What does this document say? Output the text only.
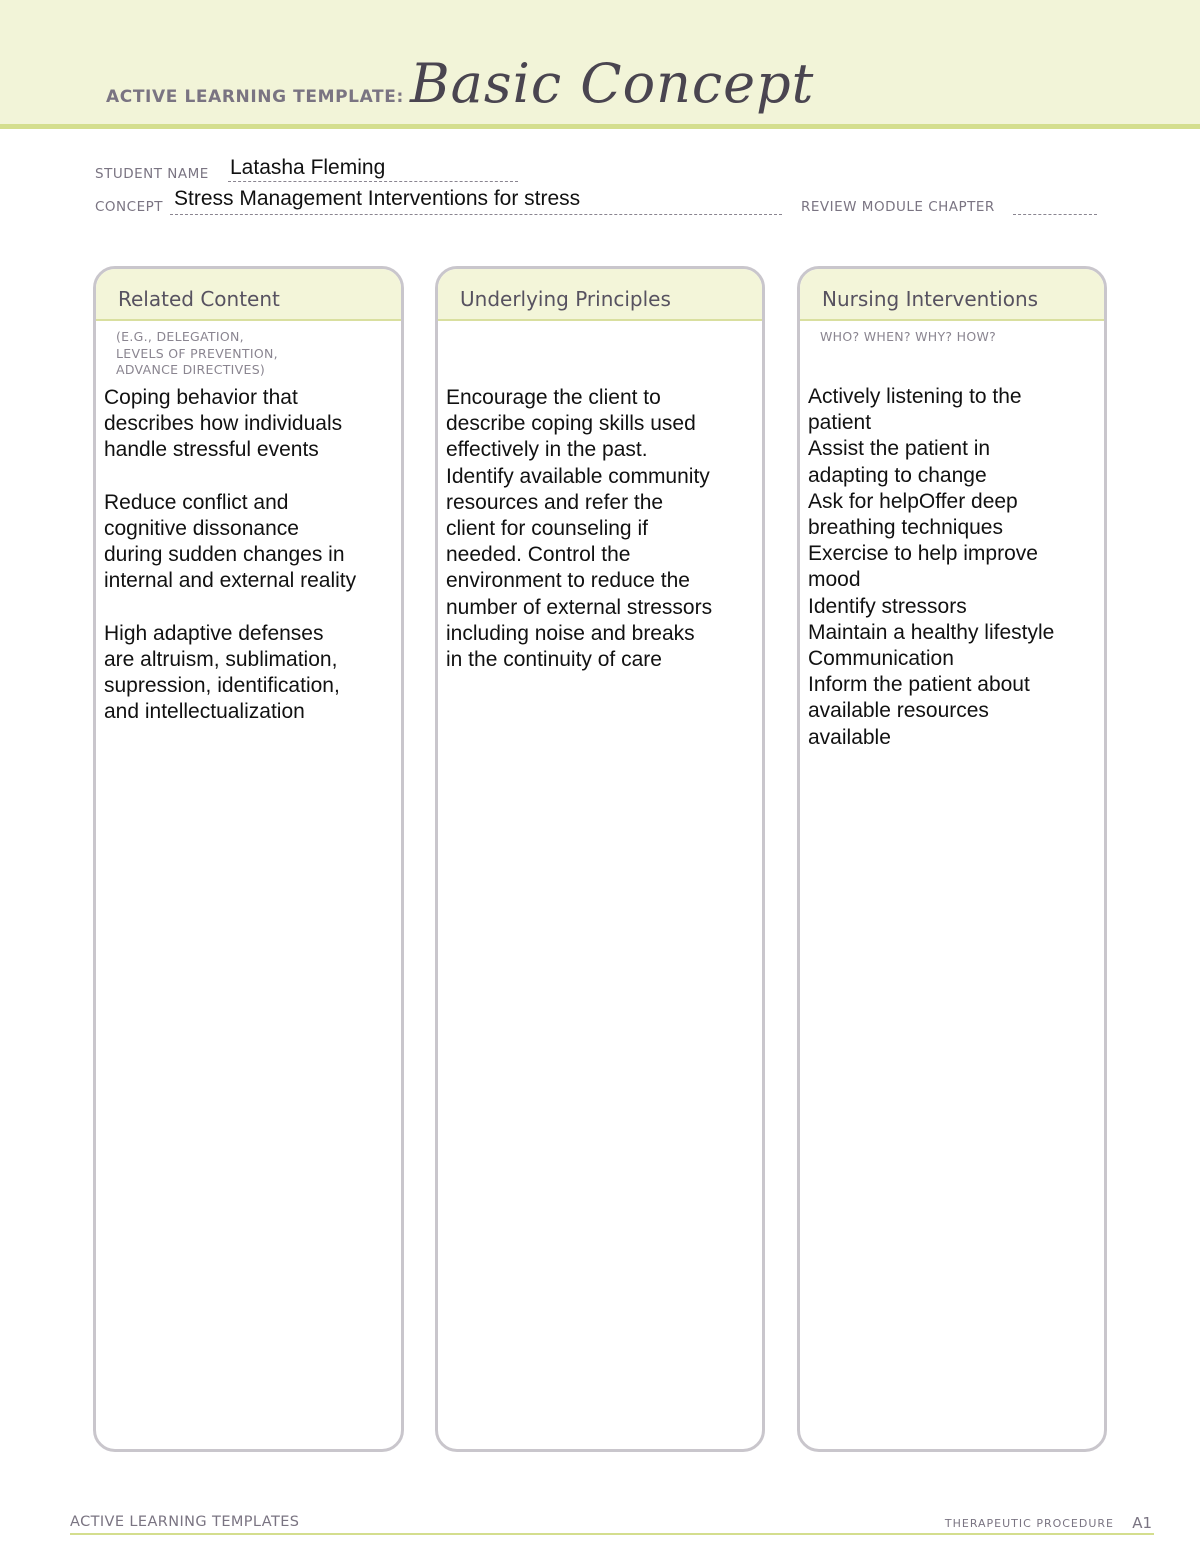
ACTIVE LEARNING TEMPLATE: Basic Concept
STUDENT NAME Latasha Fleming
CONCEPT Stress Management Interventions for stress	REVIEW MODULE CHAPTER
Related Content
(E.G., DELEGATION,
LEVELS OF PREVENTION,
ADVANCE DIRECTIVES)
Coping behavior that
describes how individuals
handle stressful events
Reduce conflict and
cognitive dissonance
during sudden changes in
internal and external reality
High adaptive defenses
are altruism, sublimation,
supression, identification,
and intellectualization
Underlying Principles
Encourage the client to
describe coping skills used
effectively in the past.
Identify available community
resources and refer the
client for counseling if
needed. Control the
environment to reduce the
number of external stressors
including noise and breaks
in the continuity of care
Nursing Interventions
WHO? WHEN? WHY? HOW?
Actively listening to the
patient
Assist the patient in
adapting to change
Ask for helpOffer deep
breathing techniques
Exercise to help improve
mood
Identify stressors
Maintain a healthy lifestyle
Communication
Inform the patient about
available resources
available
ACTIVE LEARNING TEMPLATES	THERAPEUTIC PROCEDURE A1
